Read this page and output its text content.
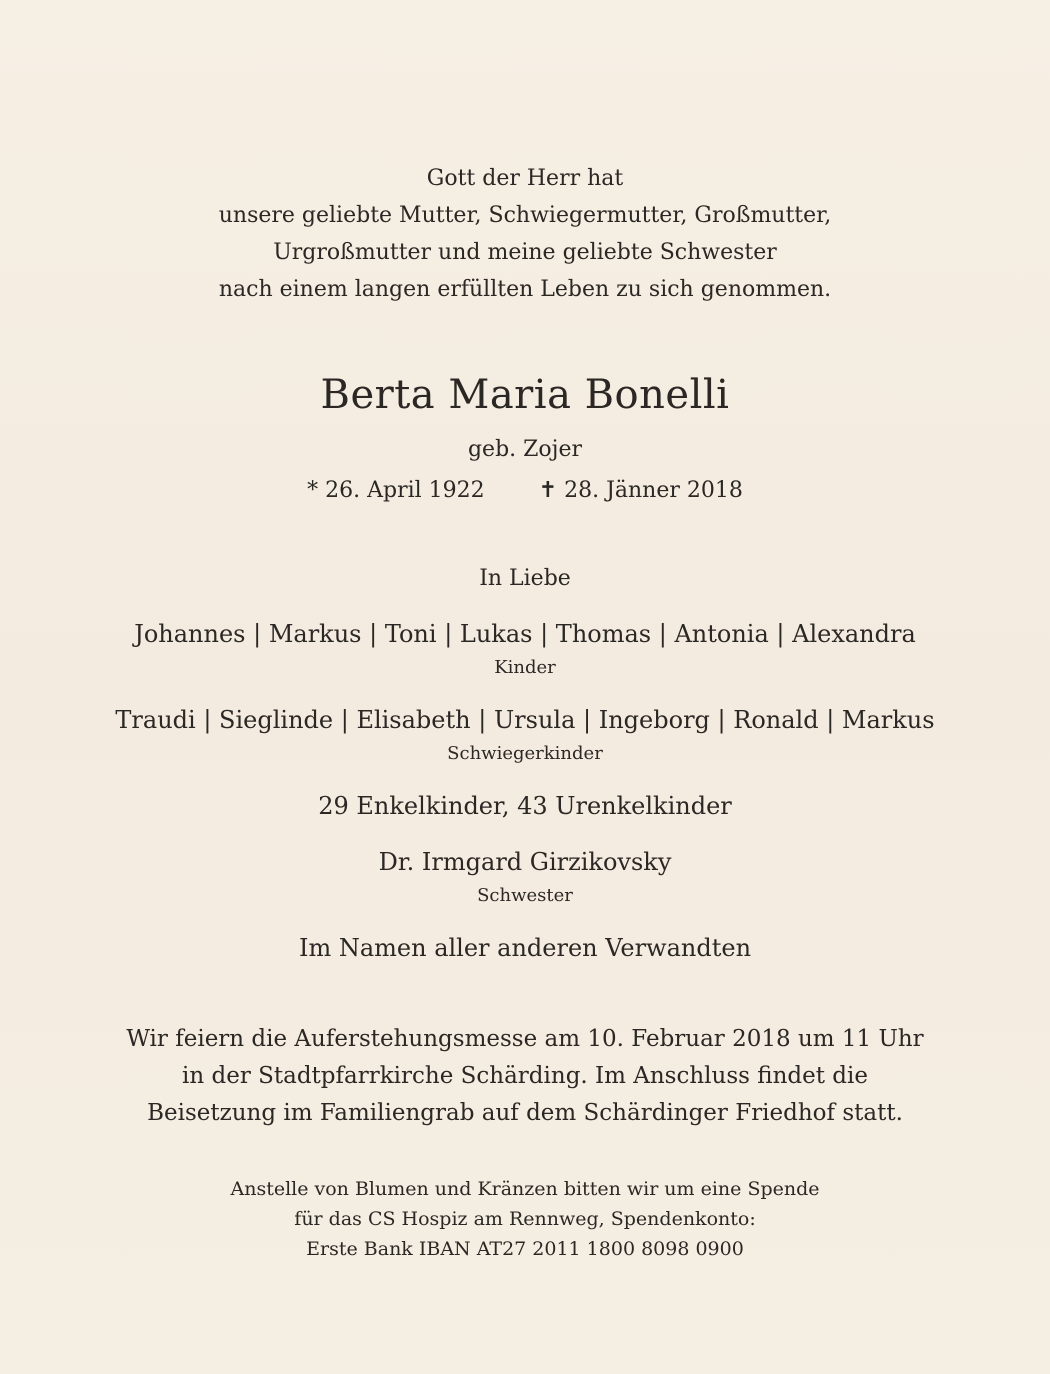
Gott der Herr hat
unsere geliebte Mutter, Schwiegermutter, Großmutter,
Urgroßmutter und meine geliebte Schwester
nach einem langen erfüllten Leben zu sich genommen.
Berta Maria Bonelli
geb. Zojer
* 26. April 1922 ✝ 28. Jänner 2018
In Liebe
Johannes | Markus | Toni | Lukas | Thomas | Antonia | Alexandra
Kinder
Traudi | Sieglinde | Elisabeth | Ursula | Ingeborg | Ronald | Markus
Schwiegerkinder
29 Enkelkinder, 43 Urenkelkinder
Dr. Irmgard Girzikovsky
Schwester
Im Namen aller anderen Verwandten
Wir feiern die Auferstehungsmesse am 10. Februar 2018 um 11 Uhr
in der Stadtpfarrkirche Schärding. Im Anschluss findet die
Beisetzung im Familiengrab auf dem Schärdinger Friedhof statt.
Anstelle von Blumen und Kränzen bitten wir um eine Spende
für das CS Hospiz am Rennweg, Spendenkonto:
Erste Bank IBAN AT27 2011 1800 8098 0900
